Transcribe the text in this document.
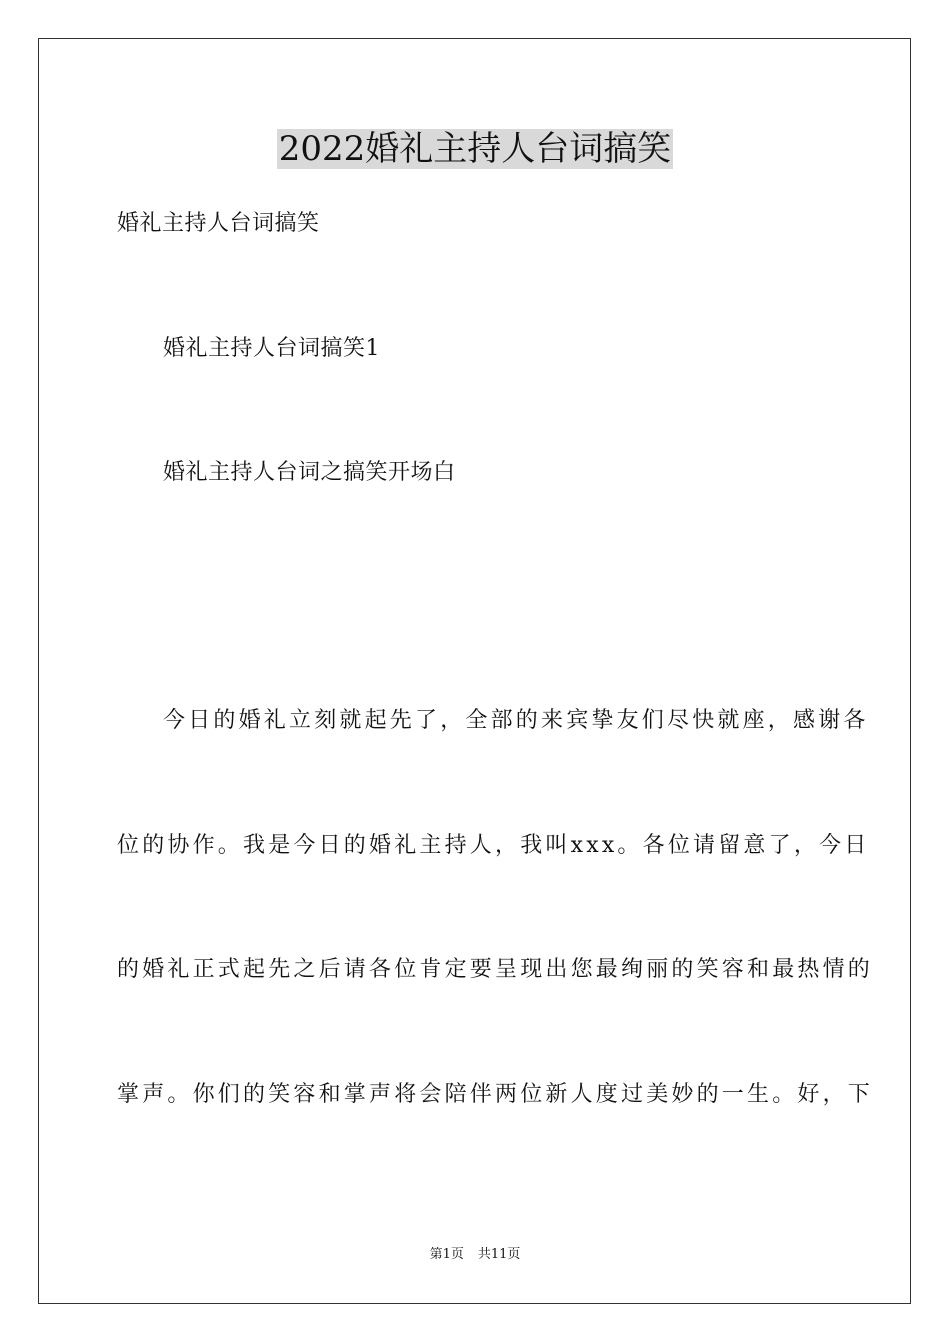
2022婚礼主持人台词搞笑
婚礼主持人台词搞笑
婚礼主持人台词搞笑1
婚礼主持人台词之搞笑开场白
今日的婚礼立刻就起先了，全部的来宾挚友们尽快就座，感谢各
位的协作。我是今日的婚礼主持人，我叫xxx。各位请留意了，今日
的婚礼正式起先之后请各位肯定要呈现出您最绚丽的笑容和最热情的
掌声。你们的笑容和掌声将会陪伴两位新人度过美妙的一生。好，下
第1页 共11页
